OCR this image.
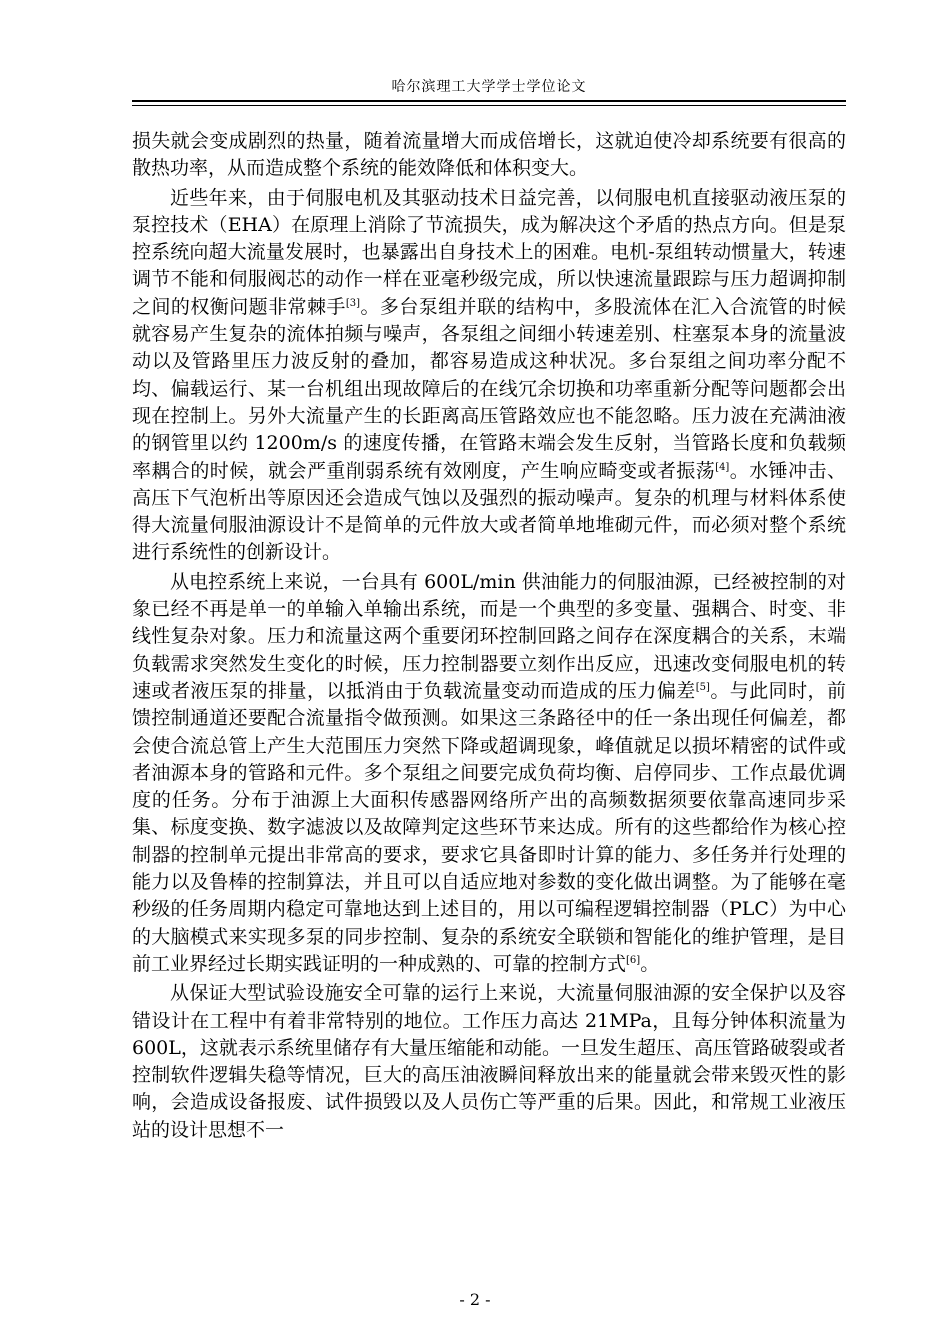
哈尔滨理工大学学士学位论文

损失就会变成剧烈的热量，随着流量增大而成倍增长，这就迫使冷却系统要有很高的散热功率，从而造成整个系统的能效降低和体积变大。

近些年来，由于伺服电机及其驱动技术日益完善，以伺服电机直接驱动液压泵的泵控技术（EHA）在原理上消除了节流损失，成为解决这个矛盾的热点方向。但是泵控系统向超大流量发展时，也暴露出自身技术上的困难。电机-泵组转动惯量大，转速调节不能和伺服阀芯的动作一样在亚毫秒级完成，所以快速流量跟踪与压力超调抑制之间的权衡问题非常棘手[3]。多台泵组并联的结构中，多股流体在汇入合流管的时候就容易产生复杂的流体拍频与噪声，各泵组之间细小转速差别、柱塞泵本身的流量波动以及管路里压力波反射的叠加，都容易造成这种状况。多台泵组之间功率分配不均、偏载运行、某一台机组出现故障后的在线冗余切换和功率重新分配等问题都会出现在控制上。另外大流量产生的长距离高压管路效应也不能忽略。压力波在充满油液的钢管里以约 1200m/s 的速度传播，在管路末端会发生反射，当管路长度和负载频率耦合的时候，就会严重削弱系统有效刚度，产生响应畸变或者振荡[4]。水锤冲击、高压下气泡析出等原因还会造成气蚀以及强烈的振动噪声。复杂的机理与材料体系使得大流量伺服油源设计不是简单的元件放大或者简单地堆砌元件，而必须对整个系统进行系统性的创新设计。

从电控系统上来说，一台具有 600L/min 供油能力的伺服油源，已经被控制的对象已经不再是单一的单输入单输出系统，而是一个典型的多变量、强耦合、时变、非线性复杂对象。压力和流量这两个重要闭环控制回路之间存在深度耦合的关系，末端负载需求突然发生变化的时候，压力控制器要立刻作出反应，迅速改变伺服电机的转速或者液压泵的排量，以抵消由于负载流量变动而造成的压力偏差[5]。与此同时，前馈控制通道还要配合流量指令做预测。如果这三条路径中的任一条出现任何偏差，都会使合流总管上产生大范围压力突然下降或超调现象，峰值就足以损坏精密的试件或者油源本身的管路和元件。多个泵组之间要完成负荷均衡、启停同步、工作点最优调度的任务。分布于油源上大面积传感器网络所产出的高频数据须要依靠高速同步采集、标度变换、数字滤波以及故障判定这些环节来达成。所有的这些都给作为核心控制器的控制单元提出非常高的要求，要求它具备即时计算的能力、多任务并行处理的能力以及鲁棒的控制算法，并且可以自适应地对参数的变化做出调整。为了能够在毫秒级的任务周期内稳定可靠地达到上述目的，用以可编程逻辑控制器（PLC）为中心的大脑模式来实现多泵的同步控制、复杂的系统安全联锁和智能化的维护管理，是目前工业界经过长期实践证明的一种成熟的、可靠的控制方式[6]。

从保证大型试验设施安全可靠的运行上来说，大流量伺服油源的安全保护以及容错设计在工程中有着非常特别的地位。工作压力高达 21MPa，且每分钟体积流量为 600L，这就表示系统里储存有大量压缩能和动能。一旦发生超压、高压管路破裂或者控制软件逻辑失稳等情况，巨大的高压油液瞬间释放出来的能量就会带来毁灭性的影响，会造成设备报废、试件损毁以及人员伤亡等严重的后果。因此，和常规工业液压站的设计思想不一

- 2 -
